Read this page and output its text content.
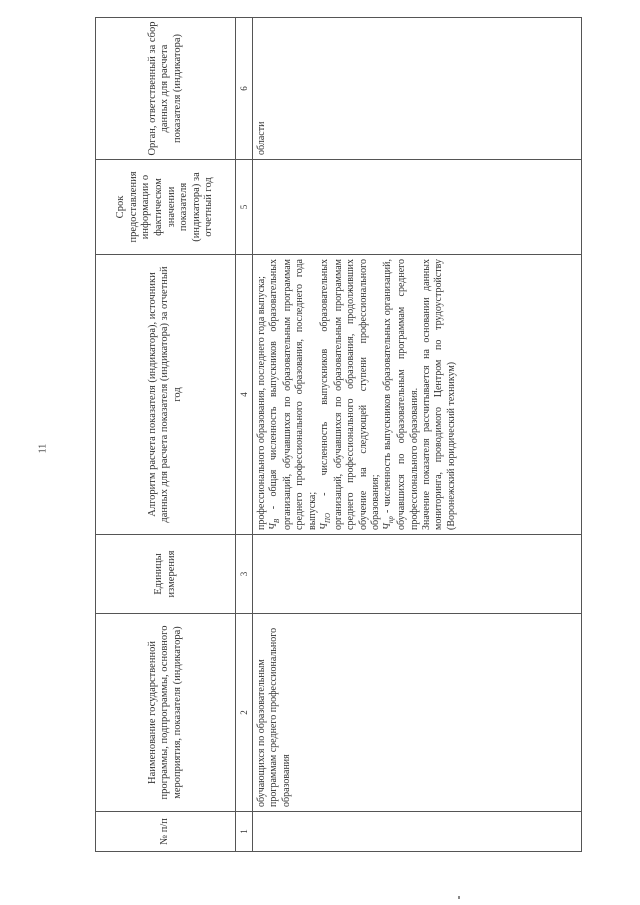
11
№ п/п	Наименование государственной программы, подпрограммы, основного мероприятия, показателя (индикатора)	Единицы измерения	Алгоритм расчета показателя (индикатора), источники данных для расчета показателя (индикатора) за отчетный год	Срок предоставления информации о фактическом значении показателя (индикатора) за отчетный год	Орган, ответственный за сбор данных для расчета показателя (индикатора)
1	2	3	4	5	6
	обучающихся по образовательным программам среднего профессионального образования		профессионального образования, последнего года выпуска; $Ч_В$ - общая численность выпускников образовательных организаций, обучавшихся по образовательным программам среднего профессионального образования, последнего года выпуска; $Ч_{ПО}$ - численность выпускников образовательных организаций, обучавшихся по образовательным программам среднего профессионального образования, продолживших обучение на следующей ступени профессионального образования; $Ч_{пр}$ - численность выпускников образовательных организаций, обучавшихся по образовательным программам среднего профессионального образования. Значение показателя рассчитывается на основании данных мониторинга, проводимого Центром по трудоустройству (Воронежский юридический техникум)		области
